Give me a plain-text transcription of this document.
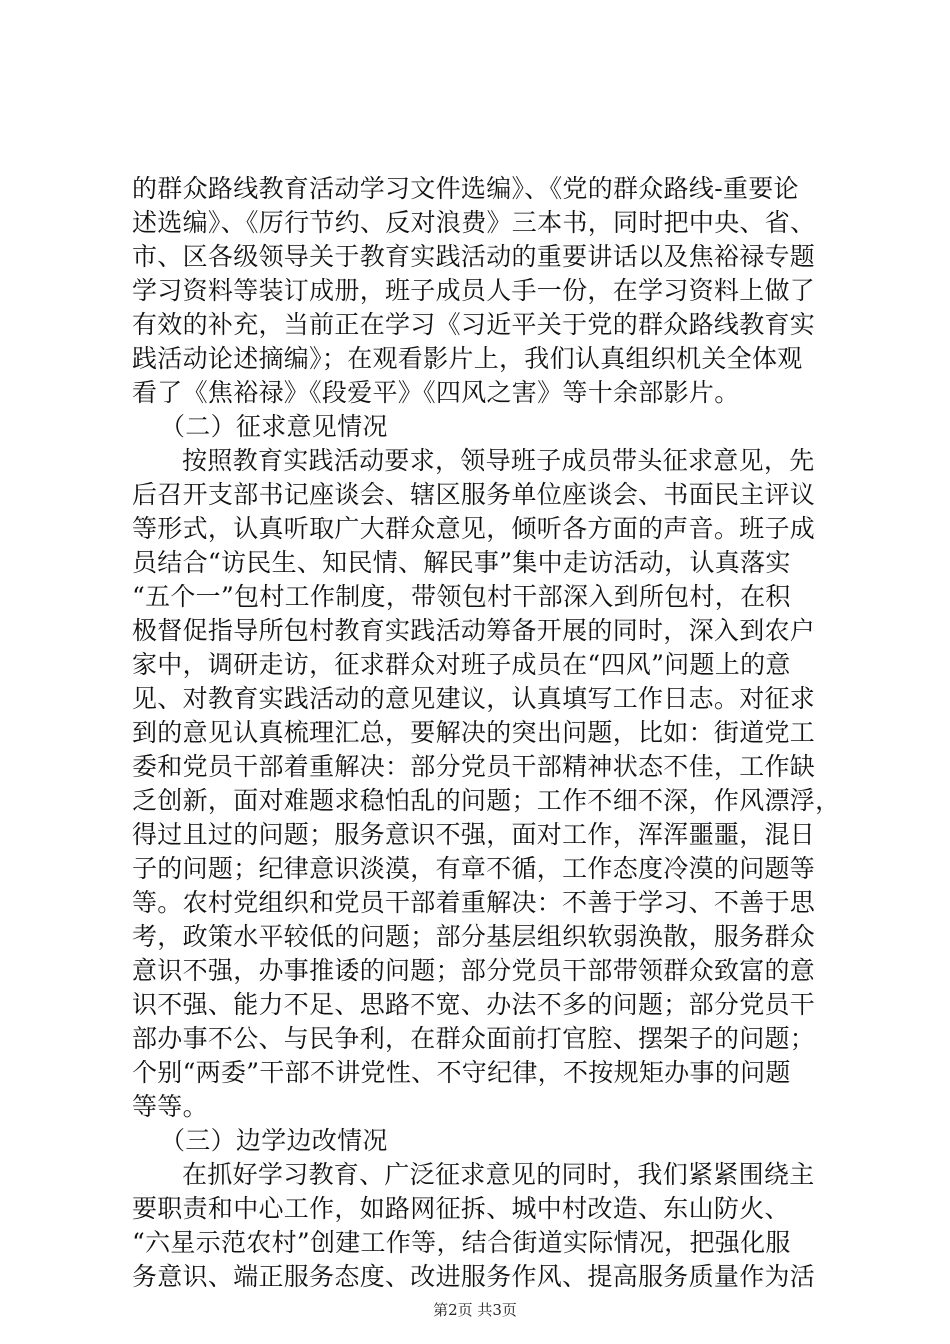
的群众路线教育活动学习文件选编》、《党的群众路线-重要论
述选编》、《厉行节约、反对浪费》三本书，同时把中央、省、
市、区各级领导关于教育实践活动的重要讲话以及焦裕禄专题
学习资料等装订成册，班子成员人手一份，在学习资料上做了
有效的补充，当前正在学习《习近平关于党的群众路线教育实
践活动论述摘编》；在观看影片上，我们认真组织机关全体观
看了《焦裕禄》《段爱平》《四风之害》等十余部影片。
（二）征求意见情况
按照教育实践活动要求，领导班子成员带头征求意见，先
后召开支部书记座谈会、辖区服务单位座谈会、书面民主评议
等形式，认真听取广大群众意见，倾听各方面的声音。班子成
员结合“访民生、知民情、解民事”集中走访活动，认真落实
“五个一”包村工作制度，带领包村干部深入到所包村，在积
极督促指导所包村教育实践活动筹备开展的同时，深入到农户
家中，调研走访，征求群众对班子成员在“四风”问题上的意
见、对教育实践活动的意见建议，认真填写工作日志。对征求
到的意见认真梳理汇总，要解决的突出问题，比如：街道党工
委和党员干部着重解决：部分党员干部精神状态不佳，工作缺
乏创新，面对难题求稳怕乱的问题；工作不细不深，作风漂浮，
得过且过的问题；服务意识不强，面对工作，浑浑噩噩，混日
子的问题；纪律意识淡漠，有章不循，工作态度冷漠的问题等
等。农村党组织和党员干部着重解决：不善于学习、不善于思
考，政策水平较低的问题；部分基层组织软弱涣散，服务群众
意识不强，办事推诿的问题；部分党员干部带领群众致富的意
识不强、能力不足、思路不宽、办法不多的问题；部分党员干
部办事不公、与民争利，在群众面前打官腔、摆架子的问题；
个别“两委”干部不讲党性、不守纪律，不按规矩办事的问题
等等。
（三）边学边改情况
在抓好学习教育、广泛征求意见的同时，我们紧紧围绕主
要职责和中心工作，如路网征拆、城中村改造、东山防火、
“六星示范农村”创建工作等，结合街道实际情况，把强化服
务意识、端正服务态度、改进服务作风、提高服务质量作为活
第2页 共3页
